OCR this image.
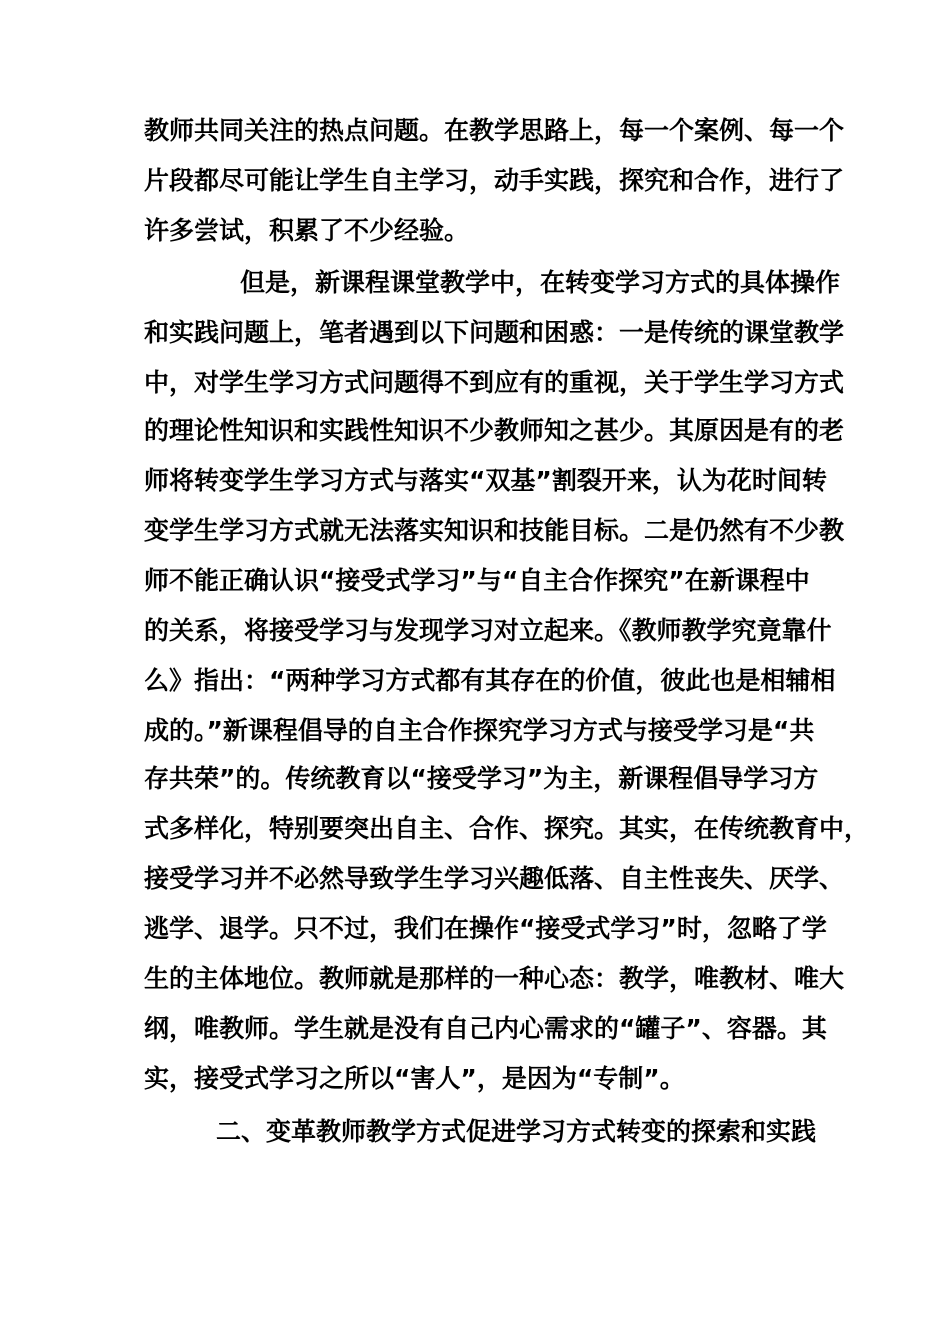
教师共同关注的热点问题。在教学思路上，每一个案例、每一个
片段都尽可能让学生自主学习，动手实践，探究和合作，进行了
许多尝试，积累了不少经验。
但是，新课程课堂教学中，在转变学习方式的具体操作
和实践问题上，笔者遇到以下问题和困惑：一是传统的课堂教学
中，对学生学习方式问题得不到应有的重视，关于学生学习方式
的理论性知识和实践性知识不少教师知之甚少。其原因是有的老
师将转变学生学习方式与落实“双基”割裂开来，认为花时间转
变学生学习方式就无法落实知识和技能目标。二是仍然有不少教
师不能正确认识“接受式学习”与“自主合作探究”在新课程中
的关系，将接受学习与发现学习对立起来。《教师教学究竟靠什
么》指出：“两种学习方式都有其存在的价值，彼此也是相辅相
成的。”新课程倡导的自主合作探究学习方式与接受学习是“共
存共荣”的。传统教育以“接受学习”为主，新课程倡导学习方
式多样化，特别要突出自主、合作、探究。其实，在传统教育中，
接受学习并不必然导致学生学习兴趣低落、自主性丧失、厌学、
逃学、退学。只不过，我们在操作“接受式学习”时，忽略了学
生的主体地位。教师就是那样的一种心态：教学，唯教材、唯大
纲，唯教师。学生就是没有自己内心需求的“罐子”、容器。其
实，接受式学习之所以“害人”，是因为“专制”。
二、变革教师教学方式促进学习方式转变的探索和实践
